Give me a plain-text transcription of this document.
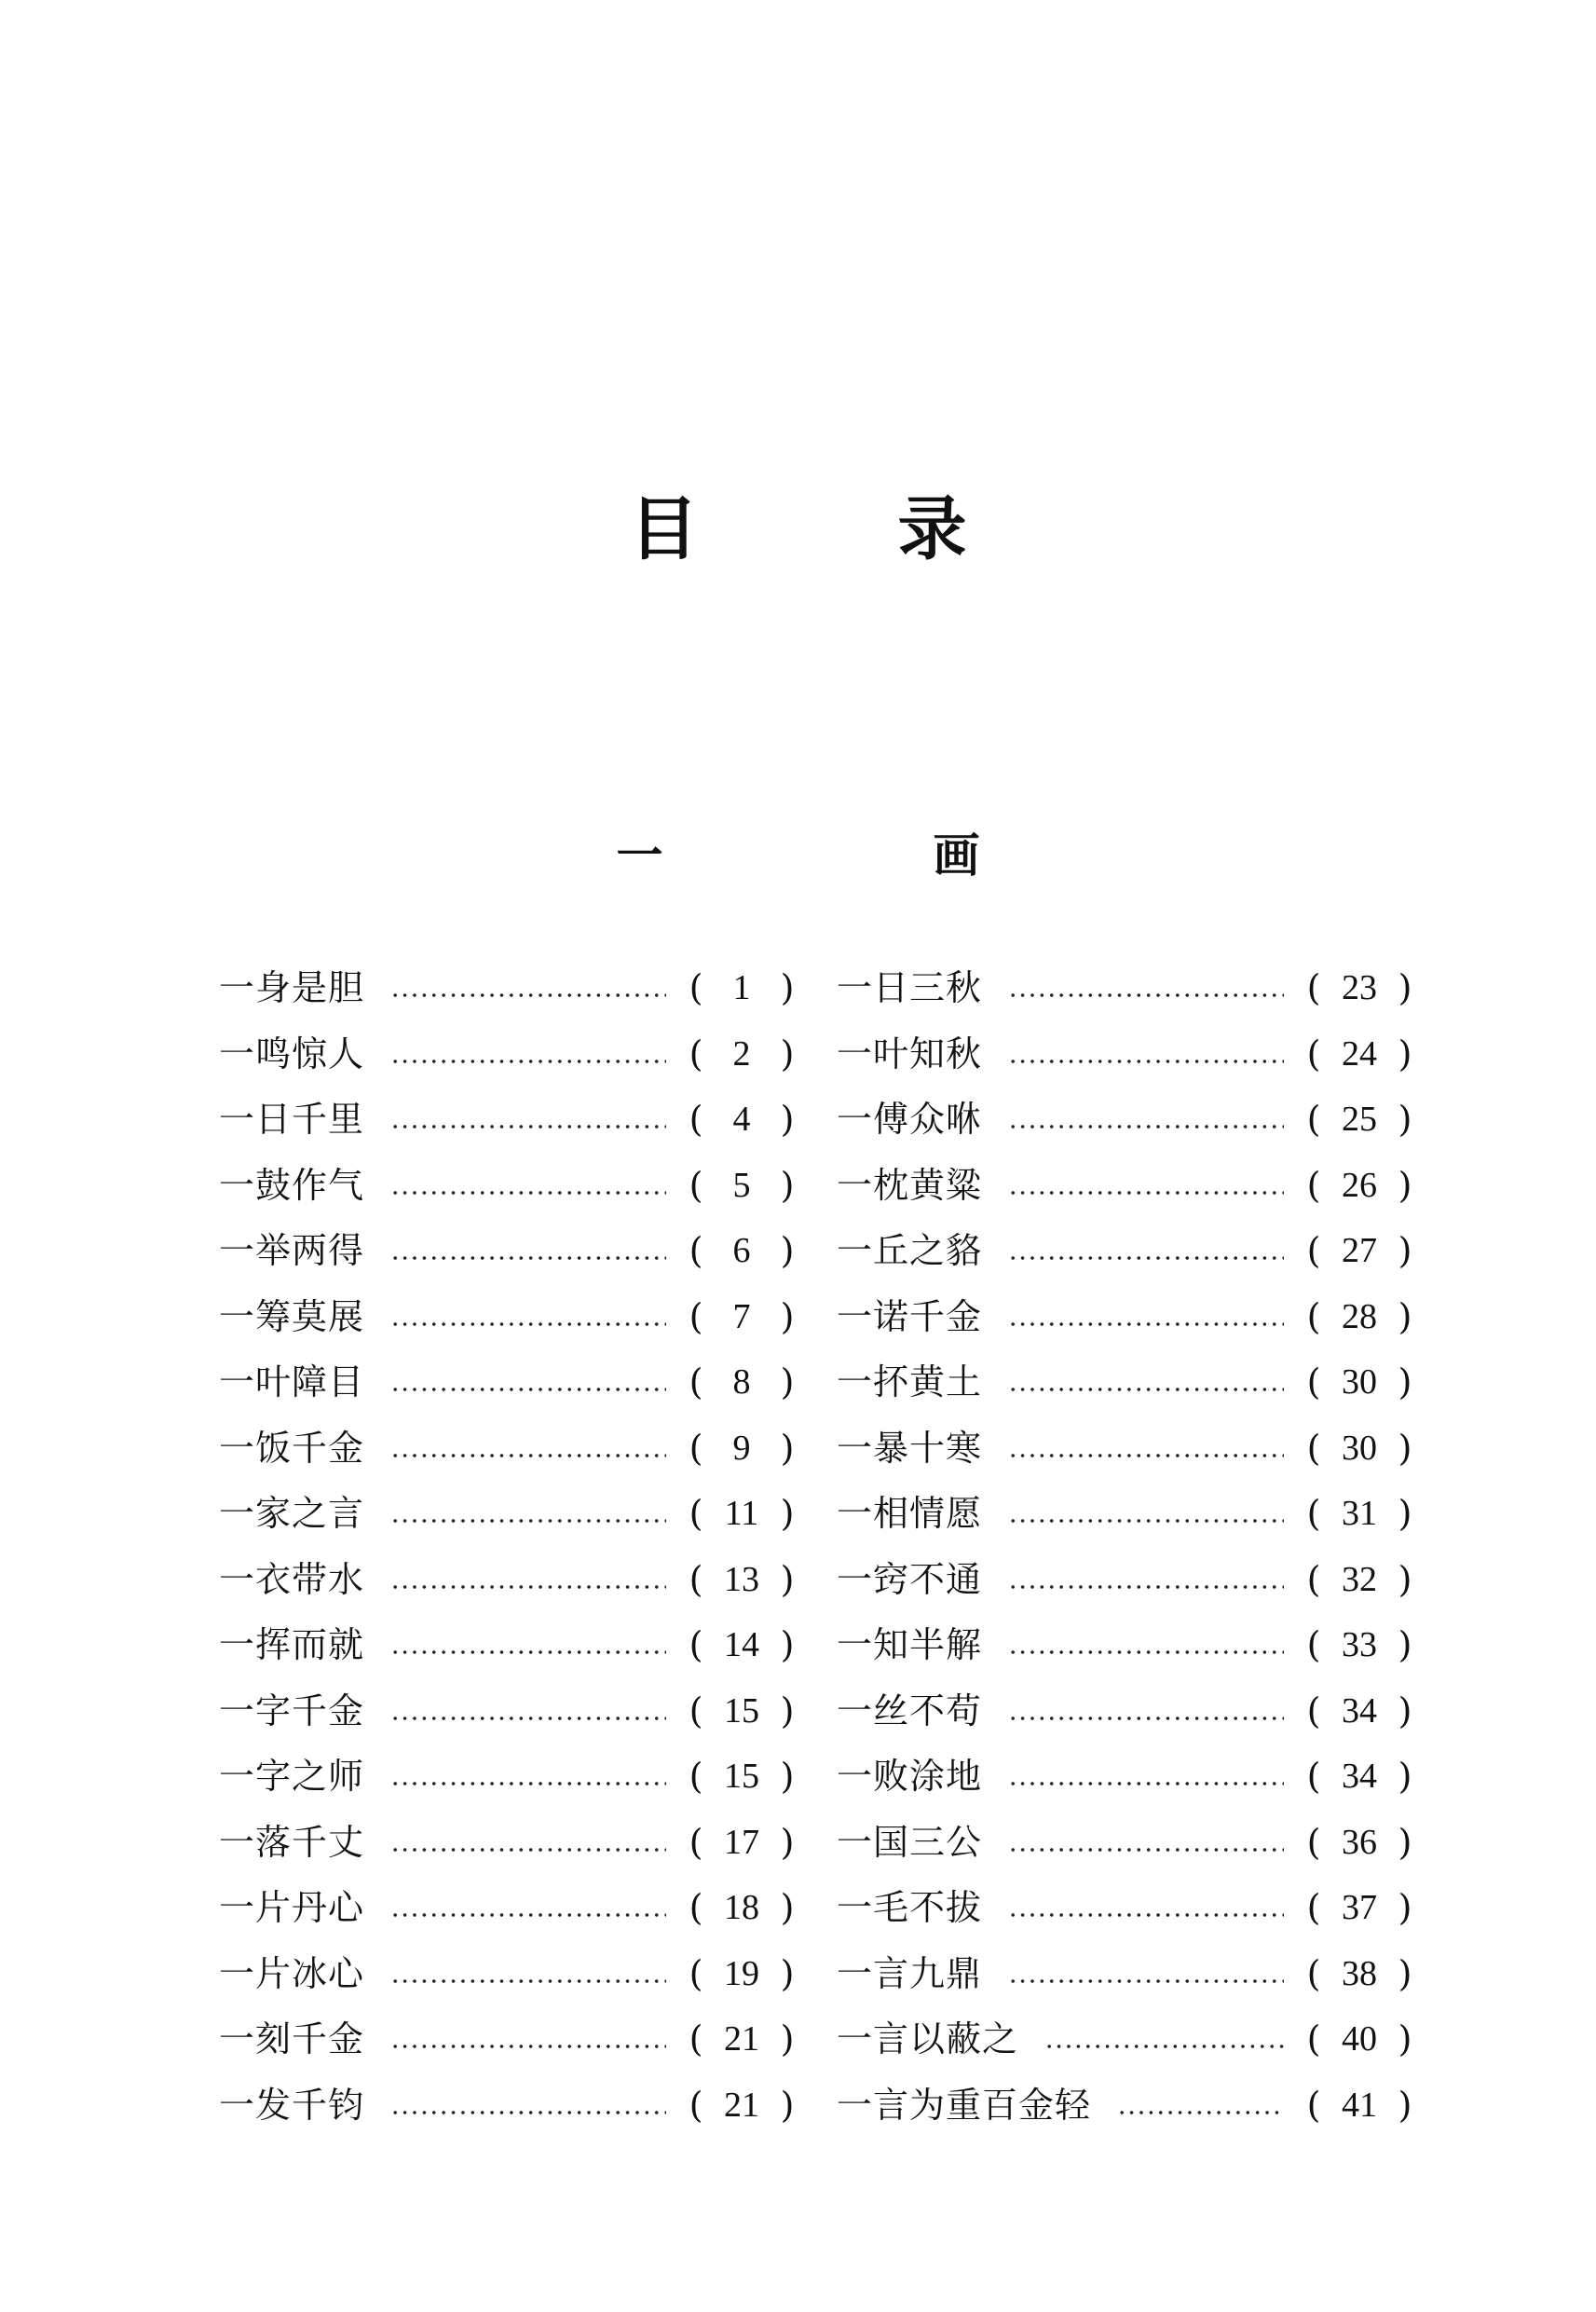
目　录
一　画
一身是胆	( 1 )
一鸣惊人	( 2 )
一日千里	( 4 )
一鼓作气	( 5 )
一举两得	( 6 )
一筹莫展	( 7 )
一叶障目	( 8 )
一饭千金	( 9 )
一家之言	( 11 )
一衣带水	( 13 )
一挥而就	( 14 )
一字千金	( 15 )
一字之师	( 15 )
一落千丈	( 17 )
一片丹心	( 18 )
一片冰心	( 19 )
一刻千金	( 21 )
一发千钧	( 21 )
一日三秋	( 23 )
一叶知秋	( 24 )
一傅众咻	( 25 )
一枕黄粱	( 26 )
一丘之貉	( 27 )
一诺千金	( 28 )
一抔黄土	( 30 )
一暴十寒	( 30 )
一相情愿	( 31 )
一窍不通	( 32 )
一知半解	( 33 )
一丝不苟	( 34 )
一败涂地	( 34 )
一国三公	( 36 )
一毛不拔	( 37 )
一言九鼎	( 38 )
一言以蔽之	( 40 )
一言为重百金轻	( 41 )
